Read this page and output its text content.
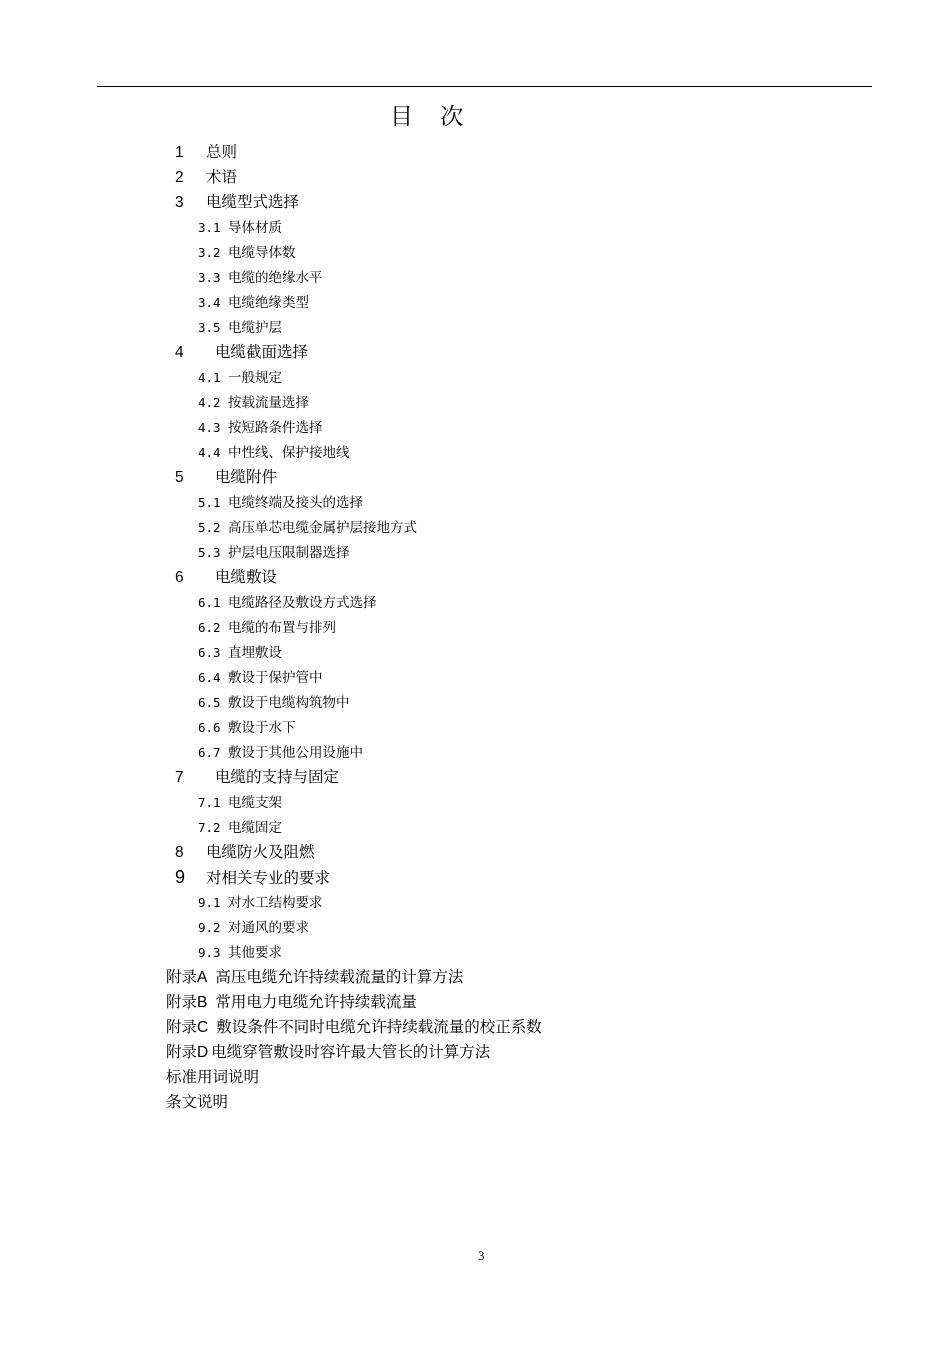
目 次
1 总则
2 术语
3 电缆型式选择
3.1 导体材质
3.2 电缆导体数
3.3 电缆的绝缘水平
3.4 电缆绝缘类型
3.5 电缆护层
4 电缆截面选择
4.1 一般规定
4.2 按载流量选择
4.3 按短路条件选择
4.4 中性线、保护接地线
5 电缆附件
5.1 电缆终端及接头的选择
5.2 高压单芯电缆金属护层接地方式
5.3 护层电压限制器选择
6 电缆敷设
6.1 电缆路径及敷设方式选择
6.2 电缆的布置与排列
6.3 直埋敷设
6.4 敷设于保护管中
6.5 敷设于电缆构筑物中
6.6 敷设于水下
6.7 敷设于其他公用设施中
7 电缆的支持与固定
7.1 电缆支架
7.2 电缆固定
8 电缆防火及阻燃
9 对相关专业的要求
9.1 对水工结构要求
9.2 对通风的要求
9.3 其他要求
附录A 高压电缆允许持续载流量的计算方法
附录B 常用电力电缆允许持续载流量
附录C 敷设条件不同时电缆允许持续载流量的校正系数
附录D 电缆穿管敷设时容许最大管长的计算方法
标准用词说明
条文说明
3
